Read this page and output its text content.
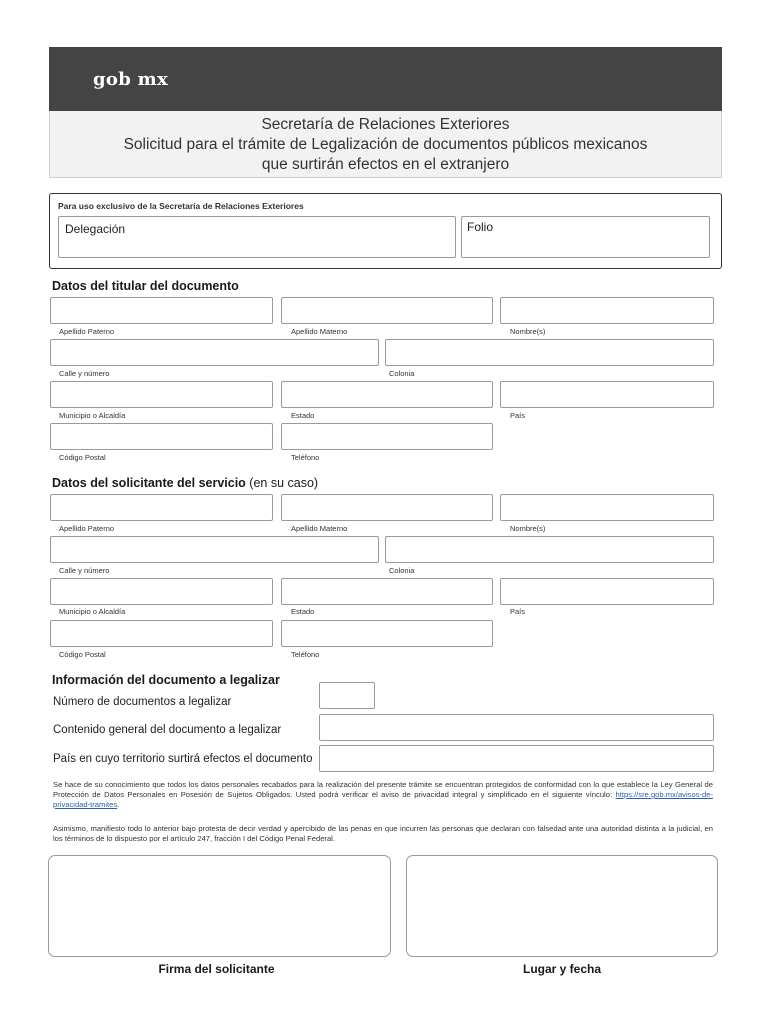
gob mx
Secretaría de Relaciones Exteriores
Solicitud para el trámite de Legalización de documentos públicos mexicanos
que surtirán efectos en el extranjero
Para uso exclusivo de la Secretaría de Relaciones Exteriores
Delegación	Folio
Datos del titular del documento
Apellido Paterno	Apellido Materno	Nombre(s)
Calle y número	Colonia
Municipio o Alcaldía	Estado	País
Código Postal	Teléfono
Datos del solicitante del servicio (en su caso)
Apellido Paterno	Apellido Materno	Nombre(s)
Calle y número	Colonia
Municipio o Alcaldía	Estado	País
Código Postal	Teléfono
Información del documento a legalizar
Número de documentos a legalizar
Contenido general del documento a legalizar
País en cuyo territorio surtirá efectos el documento

Se hace de su conocimiento que todos los datos personales recabados para la realización del presente trámite se encuentran protegidos de conformidad con lo que establece la Ley General de Protección de Datos Personales en Posesión de Sujetos Obligados. Usted podrá verificar el aviso de privacidad integral y simplificado en el siguiente vínculo: https://sre.gob.mx/avisos-de-privacidad-tramites.

Asimismo, manifiesto todo lo anterior bajo protesta de decir verdad y apercibido de las penas en que incurren las personas que declaran con falsedad ante una autoridad distinta a la judicial, en los términos de lo dispuesto por el artículo 247, fracción I del Código Penal Federal.

Firma del solicitante	Lugar y fecha
